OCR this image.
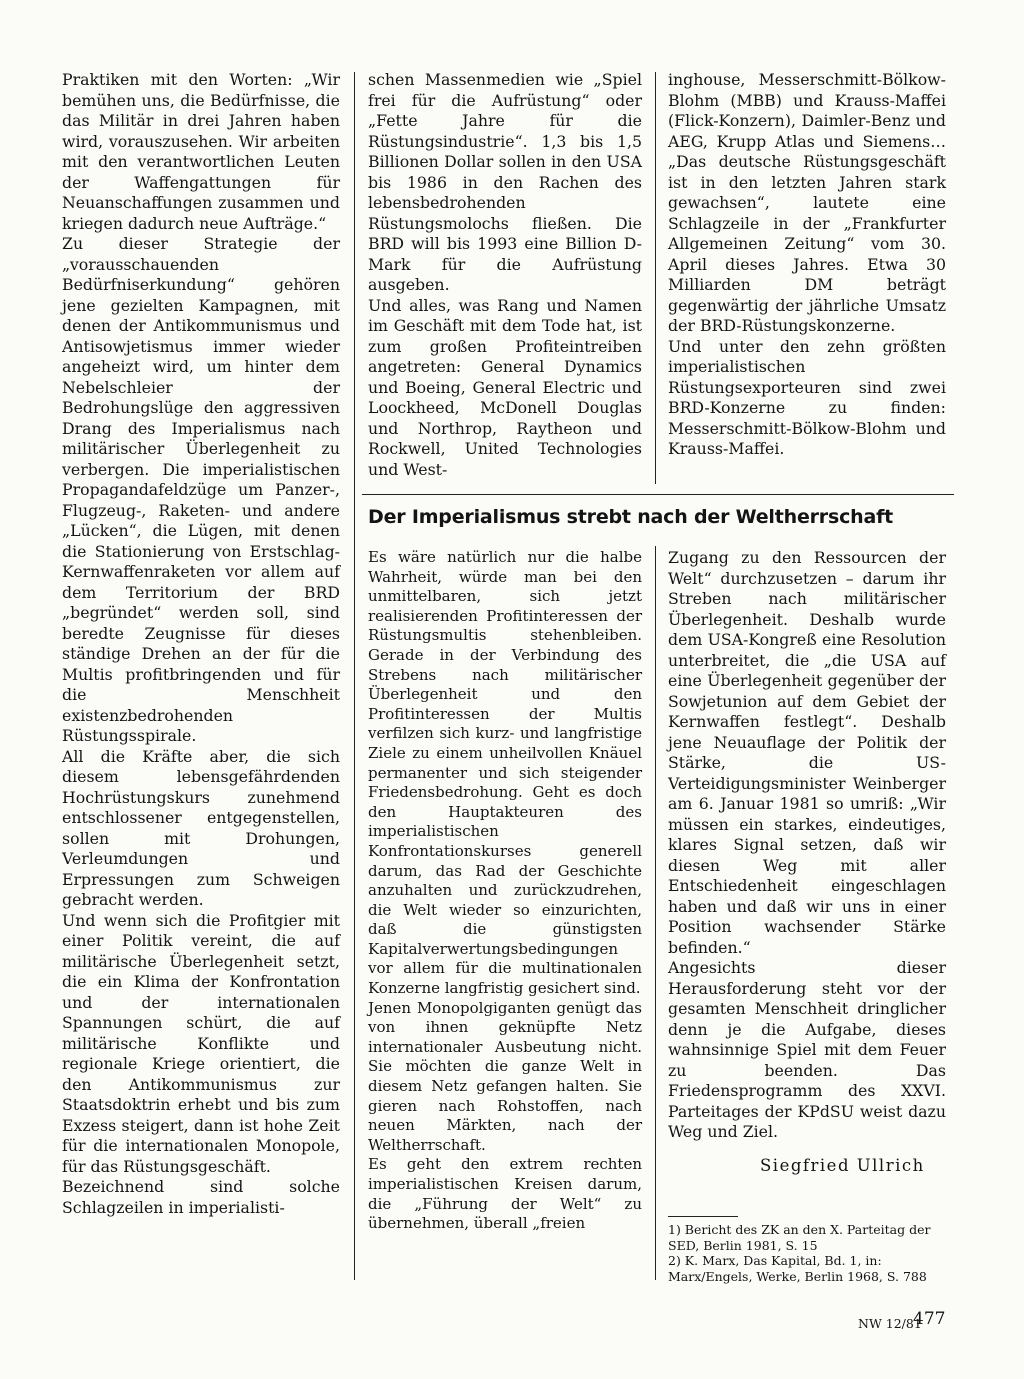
Praktiken mit den Worten: „Wir bemühen uns, die Bedürfnisse, die das Militär in drei Jahren haben wird, vorauszusehen. Wir arbeiten mit den verantwortlichen Leuten der Waffengattungen für Neuanschaffungen zusammen und kriegen dadurch neue Aufträge.“

Zu dieser Strategie der „vorausschauenden Bedürfniserkundung“ gehören jene gezielten Kampagnen, mit denen der Antikommunismus und Antisowjetismus immer wieder angeheizt wird, um hinter dem Nebelschleier der Bedrohungslüge den aggressiven Drang des Imperialismus nach militärischer Überlegenheit zu verbergen. Die imperialistischen Propagandafeldzüge um Panzer-, Flugzeug-, Raketen- und andere „Lücken“, die Lügen, mit denen die Stationierung von Erstschlag-Kernwaffenraketen vor allem auf dem Territorium der BRD „begründet“ werden soll, sind beredte Zeugnisse für dieses ständige Drehen an der für die Multis profitbringenden und für die Menschheit existenzbedrohenden Rüstungsspirale.

All die Kräfte aber, die sich diesem lebensgefährdenden Hochrüstungskurs zunehmend entschlossener entgegenstellen, sollen mit Drohungen, Verleumdungen und Erpressungen zum Schweigen gebracht werden.

Und wenn sich die Profitgier mit einer Politik vereint, die auf militärische Überlegenheit setzt, die ein Klima der Konfrontation und der internationalen Spannungen schürt, die auf militärische Konflikte und regionale Kriege orientiert, die den Antikommunismus zur Staatsdoktrin erhebt und bis zum Exzess steigert, dann ist hohe Zeit für die internationalen Monopole, für das Rüstungsgeschäft.

Bezeichnend sind solche Schlagzeilen in imperialisti-

schen Massenmedien wie „Spiel frei für die Aufrüstung“ oder „Fette Jahre für die Rüstungsindustrie“. 1,3 bis 1,5 Billionen Dollar sollen in den USA bis 1986 in den Rachen des lebensbedrohenden Rüstungsmolochs fließen. Die BRD will bis 1993 eine Billion D-Mark für die Aufrüstung ausgeben.

Und alles, was Rang und Namen im Geschäft mit dem Tode hat, ist zum großen Profiteintreiben angetreten: General Dynamics und Boeing, General Electric und Loockheed, McDonell Douglas und Northrop, Raytheon und Rockwell, United Technologies und West-

inghouse, Messerschmitt-Bölkow-Blohm (MBB) und Krauss-Maffei (Flick-Konzern), Daimler-Benz und AEG, Krupp Atlas und Siemens… „Das deutsche Rüstungsgeschäft ist in den letzten Jahren stark gewachsen“, lautete eine Schlagzeile in der „Frankfurter Allgemeinen Zeitung“ vom 30. April dieses Jahres. Etwa 30 Milliarden DM beträgt gegenwärtig der jährliche Umsatz der BRD-Rüstungskonzerne.

Und unter den zehn größten imperialistischen Rüstungsexporteuren sind zwei BRD-Konzerne zu finden: Messerschmitt-Bölkow-Blohm und Krauss-Maffei.

Der Imperialismus strebt nach der Weltherrschaft

Es wäre natürlich nur die halbe Wahrheit, würde man bei den unmittelbaren, sich jetzt realisierenden Profitinteressen der Rüstungsmultis stehenbleiben. Gerade in der Verbindung des Strebens nach militärischer Überlegenheit und den Profitinteressen der Multis verfilzen sich kurz- und langfristige Ziele zu einem unheilvollen Knäuel permanenter und sich steigender Friedensbedrohung. Geht es doch den Hauptakteuren des imperialistischen Konfrontationskurses generell darum, das Rad der Geschichte anzuhalten und zurückzudrehen, die Welt wieder so einzurichten, daß die günstigsten Kapitalverwertungsbedingungen vor allem für die multinationalen Konzerne langfristig gesichert sind.

Jenen Monopolgiganten genügt das von ihnen geknüpfte Netz internationaler Ausbeutung nicht. Sie möchten die ganze Welt in diesem Netz gefangen halten. Sie gieren nach Rohstoffen, nach neuen Märkten, nach der Weltherrschaft.

Es geht den extrem rechten imperialistischen Kreisen darum, die „Führung der Welt“ zu übernehmen, überall „freien

Zugang zu den Ressourcen der Welt“ durchzusetzen – darum ihr Streben nach militärischer Überlegenheit. Deshalb wurde dem USA-Kongreß eine Resolution unterbreitet, die „die USA auf eine Überlegenheit gegenüber der Sowjetunion auf dem Gebiet der Kernwaffen festlegt“. Deshalb jene Neuauflage der Politik der Stärke, die US-Verteidigungsminister Weinberger am 6. Januar 1981 so umriß: „Wir müssen ein starkes, eindeutiges, klares Signal setzen, daß wir diesen Weg mit aller Entschiedenheit eingeschlagen haben und daß wir uns in einer Position wachsender Stärke befinden.“

Angesichts dieser Herausforderung steht vor der gesamten Menschheit dringlicher denn je die Aufgabe, dieses wahnsinnige Spiel mit dem Feuer zu beenden. Das Friedensprogramm des XXVI. Parteitages der KPdSU weist dazu Weg und Ziel.

Siegfried Ullrich
1) Bericht des ZK an den X. Parteitag der SED, Berlin 1981, S. 15
2) K. Marx, Das Kapital, Bd. 1, in: Marx/Engels, Werke, Berlin 1968, S. 788
NW 12/81
477
